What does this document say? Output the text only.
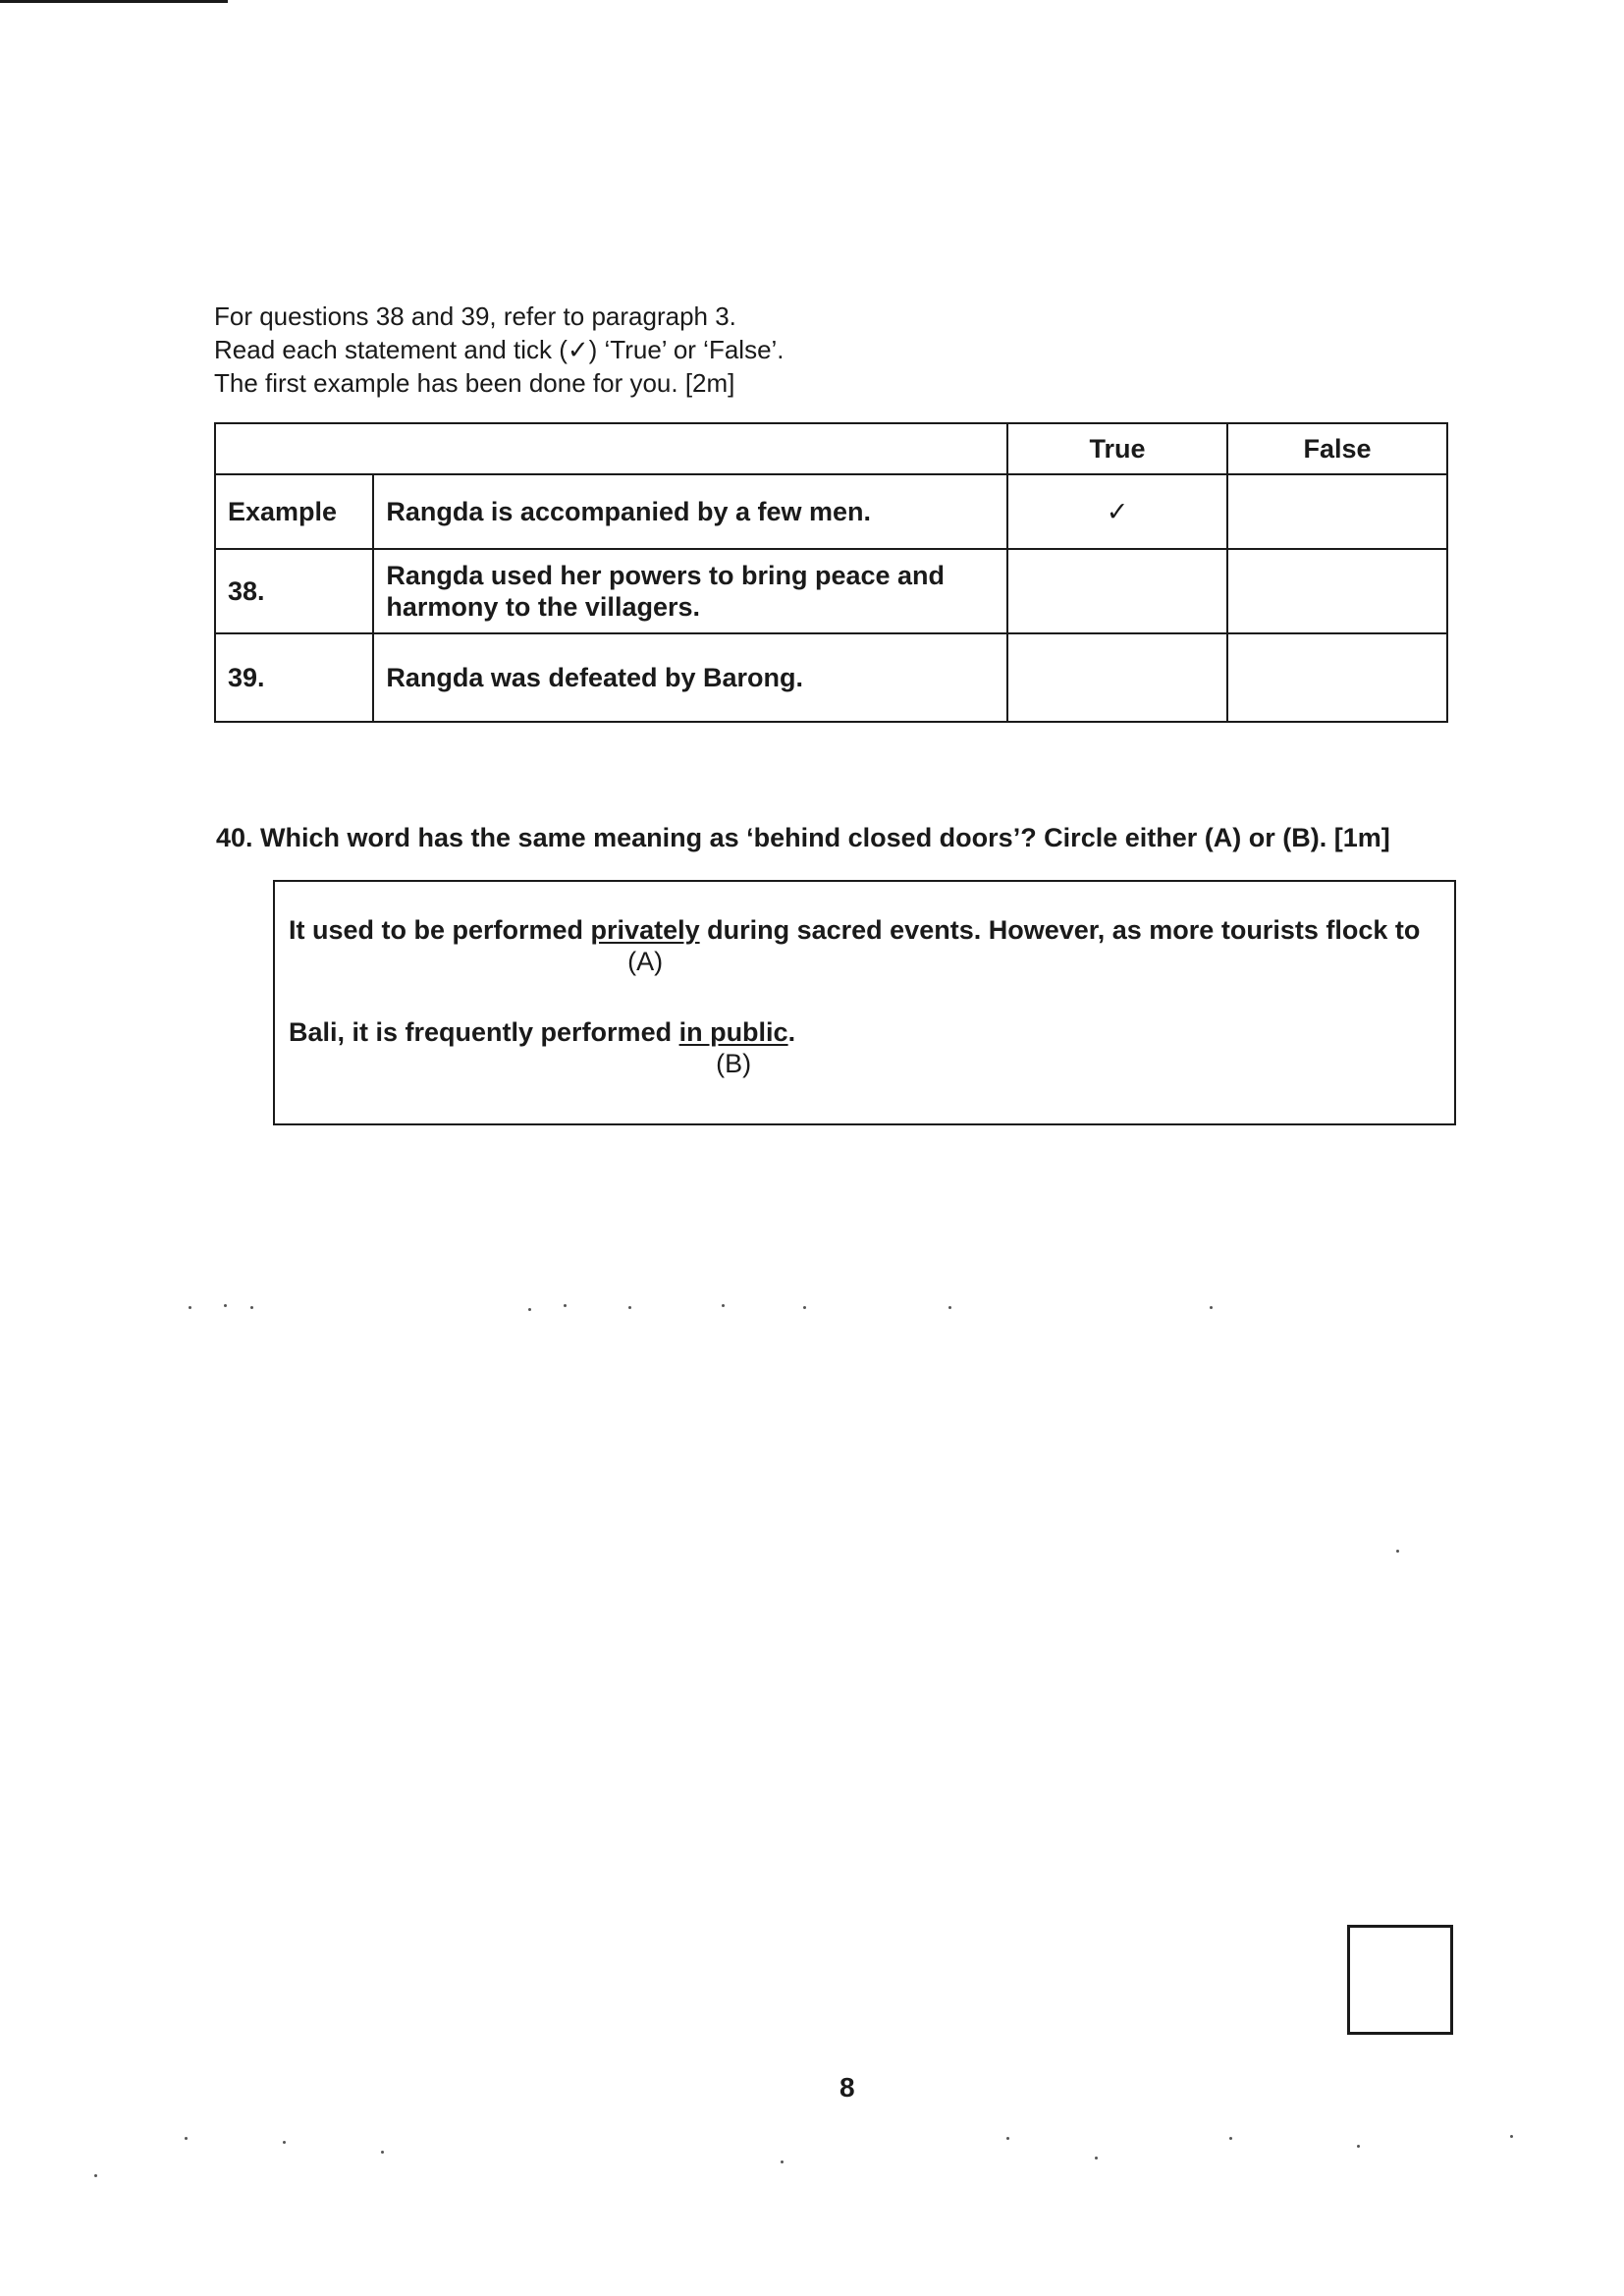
For questions 38 and 39, refer to paragraph 3.
Read each statement and tick (✓) ‘True’ or ‘False’.
The first example has been done for you. [2m]
		True	False
Example	Rangda is accompanied by a few men.	✓	
38.	Rangda used her powers to bring peace and harmony to the villagers.		
39.	Rangda was defeated by Barong.		
40. Which word has the same meaning as ‘behind closed doors’? Circle either (A) or (B). [1m]
It used to be performed privately
(A)
during sacred events. However, as more tourists flock to
Bali, it is frequently performed in public
(B)
.
8
